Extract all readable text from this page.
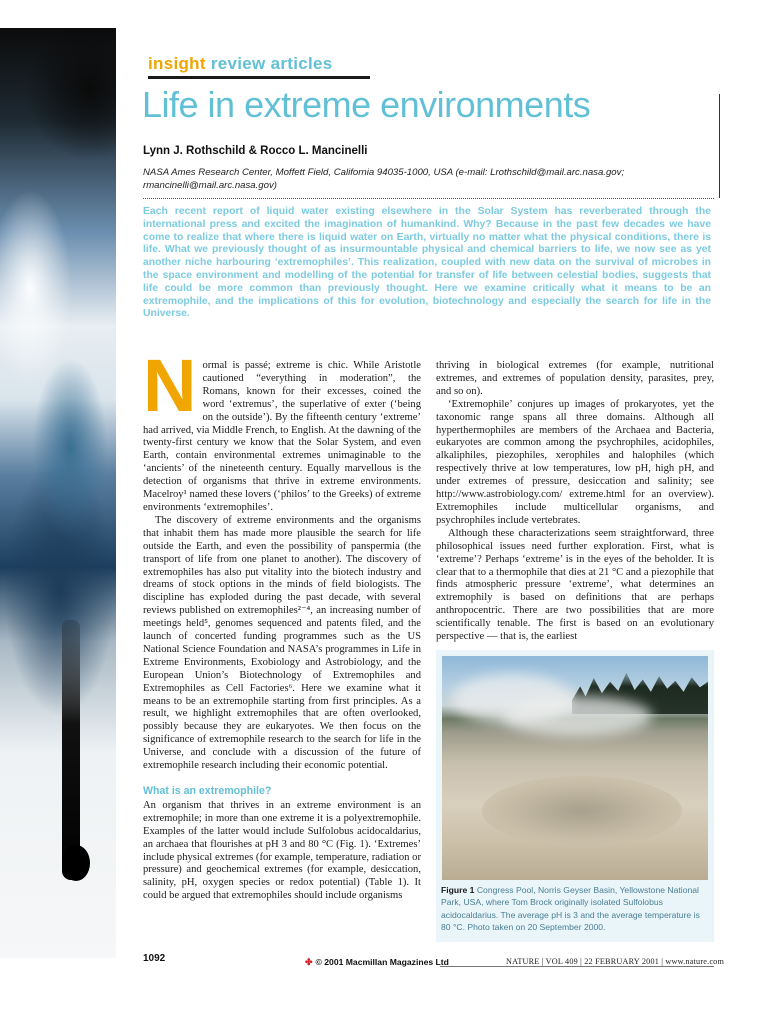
insight review articles
Life in extreme environments
Lynn J. Rothschild & Rocco L. Mancinelli
NASA Ames Research Center, Moffett Field, California 94035-1000, USA (e-mail: Lrothschild@mail.arc.nasa.gov; rmancinelli@mail.arc.nasa.gov)
Each recent report of liquid water existing elsewhere in the Solar System has reverberated through the international press and excited the imagination of humankind. Why? Because in the past few decades we have come to realize that where there is liquid water on Earth, virtually no matter what the physical conditions, there is life. What we previously thought of as insurmountable physical and chemical barriers to life, we now see as yet another niche harbouring ‘extremophiles’. This realization, coupled with new data on the survival of microbes in the space environment and modelling of the potential for transfer of life between celestial bodies, suggests that life could be more common than previously thought. Here we examine critically what it means to be an extremophile, and the implications of this for evolution, biotechnology and especially the search for life in the Universe.

Normal is passé; extreme is chic. While Aristotle cautioned “everything in moderation”, the Romans, known for their excesses, coined the word ‘extremus’, the superlative of exter (‘being on the outside’). By the fifteenth century ‘extreme’ had arrived, via Middle French, to English. At the dawning of the twenty-first century we know that the Solar System, and even Earth, contain environmental extremes unimaginable to the ‘ancients’ of the nineteenth century. Equally marvellous is the detection of organisms that thrive in extreme environments. Macelroy¹ named these lovers (‘philos’ to the Greeks) of extreme environments ‘extremophiles’.

The discovery of extreme environments and the organisms that inhabit them has made more plausible the search for life outside the Earth, and even the possibility of panspermia (the transport of life from one planet to another). The discovery of extremophiles has also put vitality into the biotech industry and dreams of stock options in the minds of field biologists. The discipline has exploded during the past decade, with several reviews published on extremophiles²⁻⁴, an increasing number of meetings held⁵, genomes sequenced and patents filed, and the launch of concerted funding programmes such as the US National Science Foundation and NASA’s programmes in Life in Extreme Environments, Exobiology and Astrobiology, and the European Union’s Biotechnology of Extremophiles and Extremophiles as Cell Factories⁶. Here we examine what it means to be an extremophile starting from first principles. As a result, we highlight extremophiles that are often overlooked, possibly because they are eukaryotes. We then focus on the significance of extremophile research to the search for life in the Universe, and conclude with a discussion of the future of extremophile research including their economic potential.

What is an extremophile?

An organism that thrives in an extreme environment is an extremophile; in more than one extreme it is a polyextremophile. Examples of the latter would include Sulfolobus acidocaldarius, an archaea that flourishes at pH 3 and 80 °C (Fig. 1). ‘Extremes’ include physical extremes (for example, temperature, radiation or pressure) and geochemical extremes (for example, desiccation, salinity, pH, oxygen species or redox potential) (Table 1). It could be argued that extremophiles should include organisms

thriving in biological extremes (for example, nutritional extremes, and extremes of population density, parasites, prey, and so on).

‘Extremophile’ conjures up images of prokaryotes, yet the taxonomic range spans all three domains. Although all hyperthermophiles are members of the Archaea and Bacteria, eukaryotes are common among the psychrophiles, acidophiles, alkaliphiles, piezophiles, xerophiles and halophiles (which respectively thrive at low temperatures, low pH, high pH, and under extremes of pressure, desiccation and salinity; see http://www.astrobiology.com/ extreme.html for an overview). Extremophiles include multicellular organisms, and psychrophiles include vertebrates.

Although these characterizations seem straightforward, three philosophical issues need further exploration. First, what is ‘extreme’? Perhaps ‘extreme’ is in the eyes of the beholder. It is clear that to a thermophile that dies at 21 °C and a piezophile that finds atmospheric pressure ‘extreme’, what determines an extremophily is based on definitions that are perhaps anthropocentric. There are two possibilities that are more scientifically tenable. The first is based on an evolutionary perspective — that is, the earliest

Figure 1 Congress Pool, Norris Geyser Basin, Yellowstone National Park, USA, where Tom Brock originally isolated Sulfolobus acidocaldarius. The average pH is 3 and the average temperature is 80 °C. Photo taken on 20 September 2000.
1092	✤ © 2001 Macmillan Magazines Ltd	NATURE | VOL 409 | 22 FEBRUARY 2001 | www.nature.com
